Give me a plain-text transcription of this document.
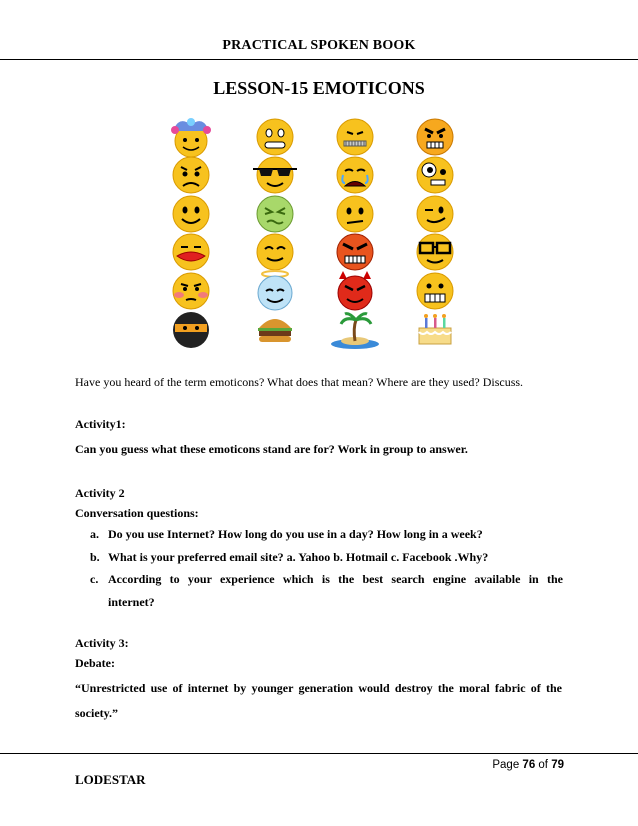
PRACTICAL SPOKEN BOOK
LESSON-15 EMOTICONS
Have you heard of the term emoticons? What does that mean? Where are they used? Discuss.
Activity1:
Can you guess what these emoticons stand are for? Work in group to answer.
Activity 2
Conversation questions:
a. Do you use Internet? How long do you use in a day? How long in a week?
b. What is your preferred email site? a. Yahoo b. Hotmail c. Facebook .Why?
c. According to your experience which is the best search engine available in the
internet?
Activity 3:
Debate:
“Unrestricted use of internet by younger generation would destroy the moral fabric of the
society.”
Page 76 of 79
LODESTAR
